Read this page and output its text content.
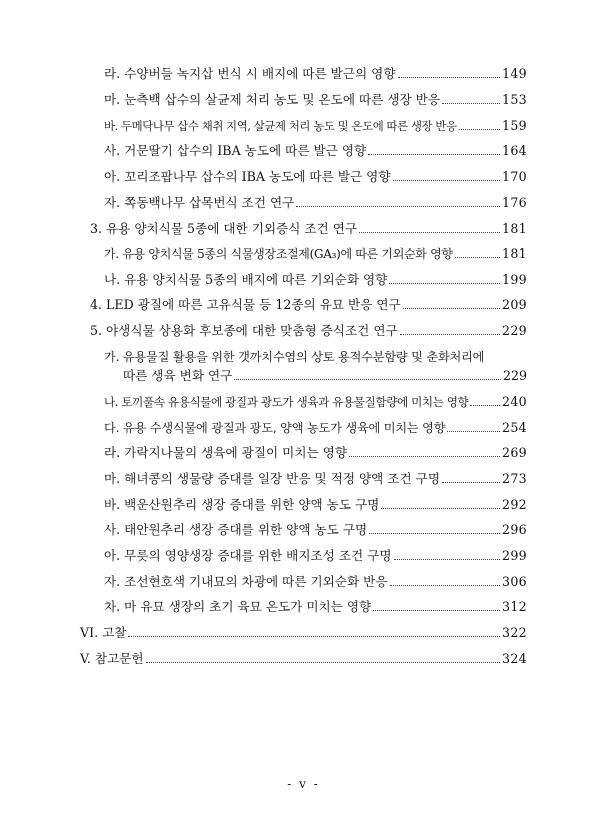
라. 수양버들 녹지삽 번식 시 배지에 따른 발근의 영향	149
마. 눈측백 삽수의 살균제 처리 농도 및 온도에 따른 생장 반응	153
바. 두메닥나무 삽수 채취 지역, 살균제 처리 농도 및 온도에 따른 생장 반응	159
사. 거문딸기 삽수의 IBA 농도에 따른 발근 영향	164
아. 꼬리조팝나무 삽수의 IBA 농도에 따른 발근 영향	170
자. 쪽동백나무 삽목번식 조건 연구	176
3. 유용 양치식물 5종에 대한 기외증식 조건 연구	181
가. 유용 양치식물 5종의 식물생장조절제(GA₃)에 따른 기외순화 영향	181
나. 유용 양치식물 5종의 배지에 따른 기외순화 영향	199
4. LED 광질에 따른 고유식물 등 12종의 유묘 반응 연구	209
5. 야생식물 상용화 후보종에 대한 맞춤형 증식조건 연구	229
가. 유용물질 활용을 위한 갯까치수염의 상토 용적수분함량 및 춘화처리에
따른 생육 변화 연구	229
나. 토끼풀속 유용식물에 광질과 광도가 생육과 유용물질함량에 미치는 영향	240
다. 유용 수생식물에 광질과 광도, 양액 농도가 생육에 미치는 영향	254
라. 가락지나물의 생육에 광질이 미치는 영향	269
마. 해녀콩의 생물량 증대를 일장 반응 및 적정 양액 조건 구명	273
바. 백운산원추리 생장 증대를 위한 양액 농도 구명	292
사. 태안원추리 생장 증대를 위한 양액 농도 구명	296
아. 무릇의 영양생장 증대를 위한 배지조성 조건 구명	299
자. 조선현호색 기내묘의 차광에 따른 기외순화 반응	306
차. 마 유묘 생장의 초기 육묘 온도가 미치는 영향	312
VI. 고찰	322
V. 참고문헌	324
- v -
